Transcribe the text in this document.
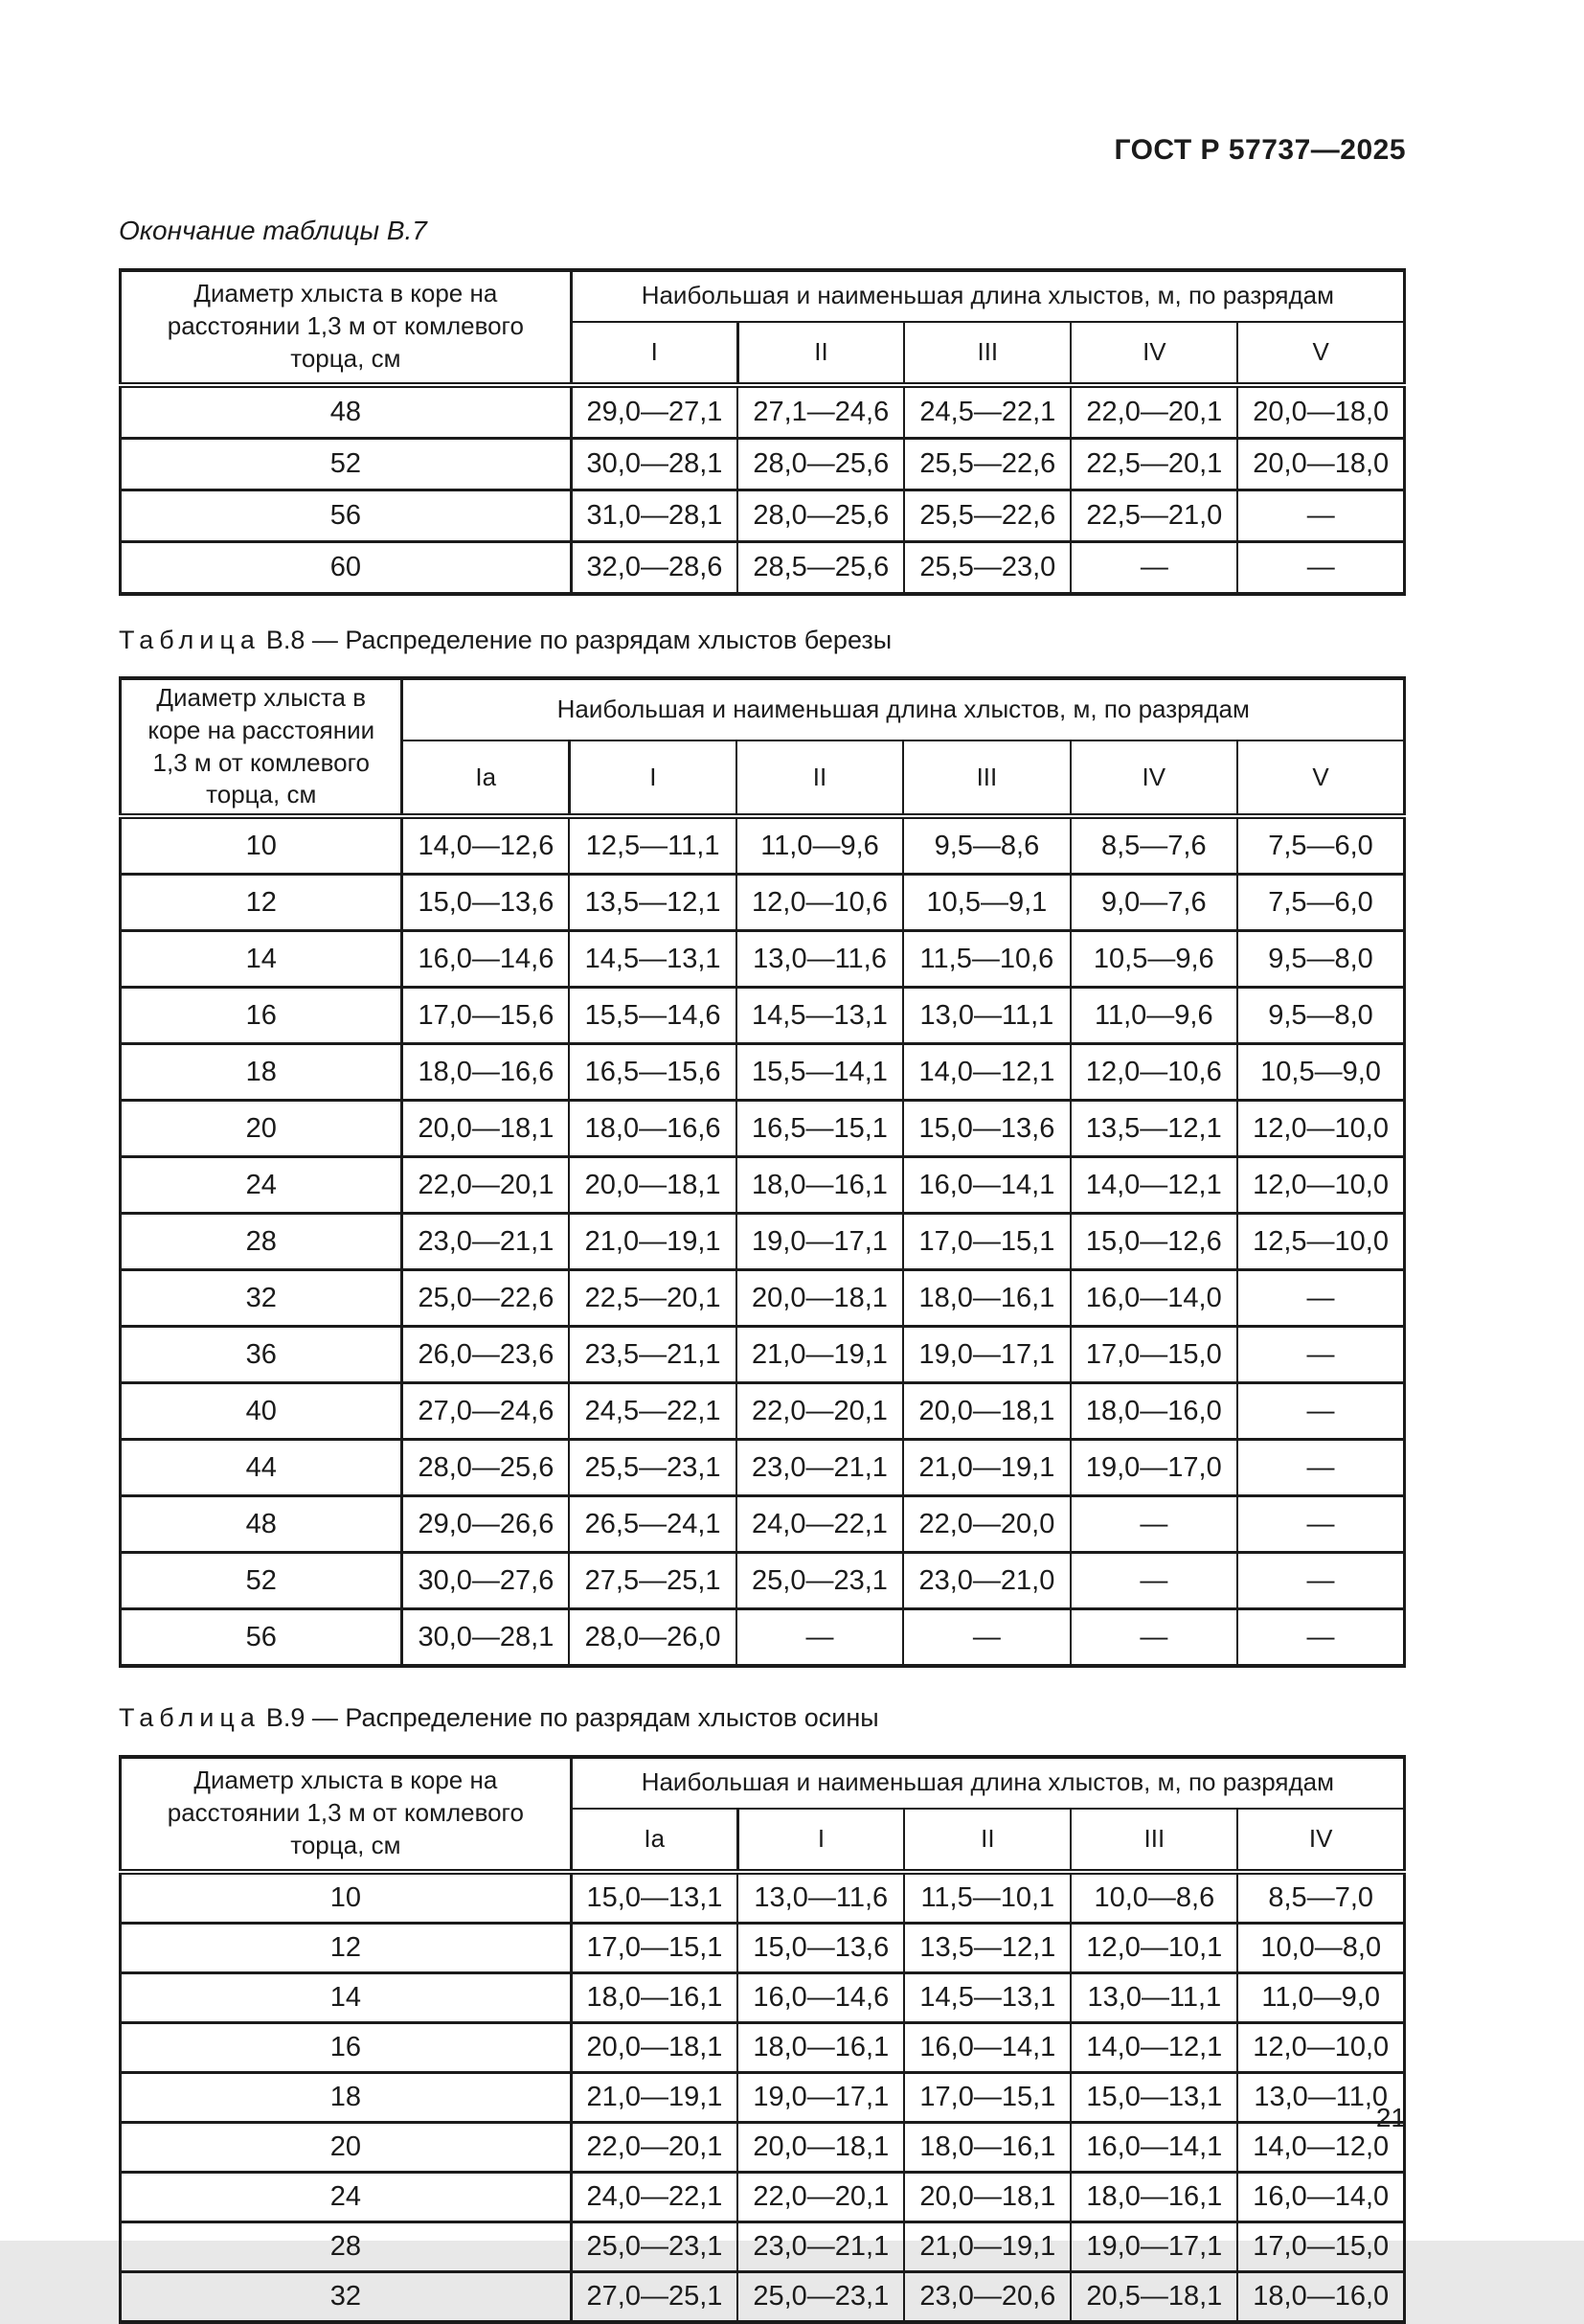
ГОСТ Р 57737—2025
Окончание таблицы В.7
Диаметр хлыста в коре на расстоянии 1,3 м от комлевого торца, см	Наибольшая и наименьшая длина хлыстов, м, по разрядам				
	I	II	III	IV	V
48	29,0—27,1	27,1—24,6	24,5—22,1	22,0—20,1	20,0—18,0
52	30,0—28,1	28,0—25,6	25,5—22,6	22,5—20,1	20,0—18,0
56	31,0—28,1	28,0—25,6	25,5—22,6	22,5—21,0	—
60	32,0—28,6	28,5—25,6	25,5—23,0	—	—
Таблица В.8 — Распределение по разрядам хлыстов березы
Диаметр хлыста в коре на расстоянии 1,3 м от комлевого торца, см	Наибольшая и наименьшая длина хлыстов, м, по разрядам					
	Iа	I	II	III	IV	V
10	14,0—12,6	12,5—11,1	11,0—9,6	9,5—8,6	8,5—7,6	7,5—6,0
12	15,0—13,6	13,5—12,1	12,0—10,6	10,5—9,1	9,0—7,6	7,5—6,0
14	16,0—14,6	14,5—13,1	13,0—11,6	11,5—10,6	10,5—9,6	9,5—8,0
16	17,0—15,6	15,5—14,6	14,5—13,1	13,0—11,1	11,0—9,6	9,5—8,0
18	18,0—16,6	16,5—15,6	15,5—14,1	14,0—12,1	12,0—10,6	10,5—9,0
20	20,0—18,1	18,0—16,6	16,5—15,1	15,0—13,6	13,5—12,1	12,0—10,0
24	22,0—20,1	20,0—18,1	18,0—16,1	16,0—14,1	14,0—12,1	12,0—10,0
28	23,0—21,1	21,0—19,1	19,0—17,1	17,0—15,1	15,0—12,6	12,5—10,0
32	25,0—22,6	22,5—20,1	20,0—18,1	18,0—16,1	16,0—14,0	—
36	26,0—23,6	23,5—21,1	21,0—19,1	19,0—17,1	17,0—15,0	—
40	27,0—24,6	24,5—22,1	22,0—20,1	20,0—18,1	18,0—16,0	—
44	28,0—25,6	25,5—23,1	23,0—21,1	21,0—19,1	19,0—17,0	—
48	29,0—26,6	26,5—24,1	24,0—22,1	22,0—20,0	—	—
52	30,0—27,6	27,5—25,1	25,0—23,1	23,0—21,0	—	—
56	30,0—28,1	28,0—26,0	—	—	—	—
Таблица В.9 — Распределение по разрядам хлыстов осины
Диаметр хлыста в коре на расстоянии 1,3 м от комлевого торца, см	Наибольшая и наименьшая длина хлыстов, м, по разрядам				
	Iа	I	II	III	IV
10	15,0—13,1	13,0—11,6	11,5—10,1	10,0—8,6	8,5—7,0
12	17,0—15,1	15,0—13,6	13,5—12,1	12,0—10,1	10,0—8,0
14	18,0—16,1	16,0—14,6	14,5—13,1	13,0—11,1	11,0—9,0
16	20,0—18,1	18,0—16,1	16,0—14,1	14,0—12,1	12,0—10,0
18	21,0—19,1	19,0—17,1	17,0—15,1	15,0—13,1	13,0—11,0
20	22,0—20,1	20,0—18,1	18,0—16,1	16,0—14,1	14,0—12,0
24	24,0—22,1	22,0—20,1	20,0—18,1	18,0—16,1	16,0—14,0
28	25,0—23,1	23,0—21,1	21,0—19,1	19,0—17,1	17,0—15,0
32	27,0—25,1	25,0—23,1	23,0—20,6	20,5—18,1	18,0—16,0
21
